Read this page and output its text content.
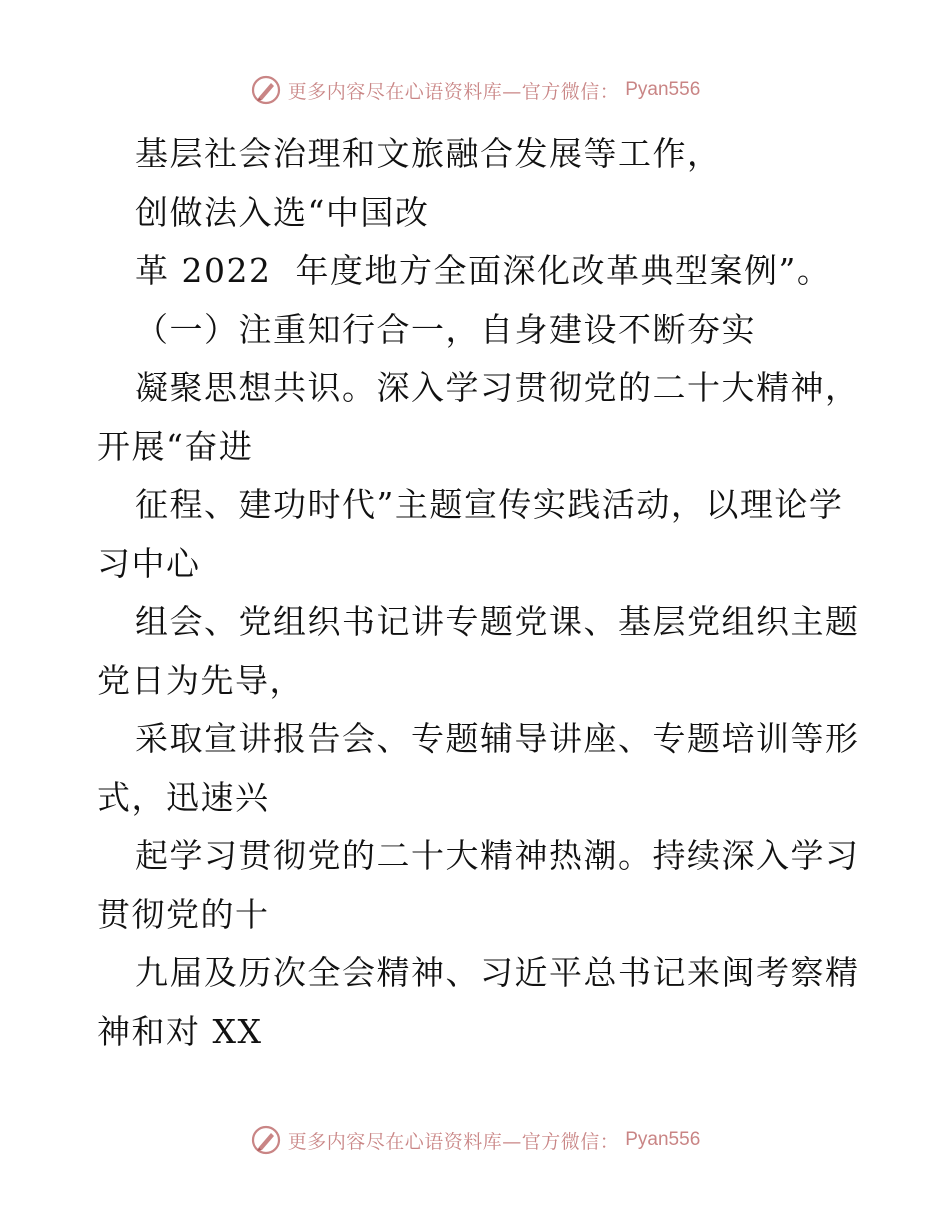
更多内容尽在心语资料库—官方微信： Pyan556
基层社会治理和文旅融合发展等工作，
创做法入选“中国改
革 2022  年度地方全面深化改革典型案例”。
（一）注重知行合一，自身建设不断夯实
凝聚思想共识。深入学习贯彻党的二十大精神，
开展“奋进
征程、建功时代”主题宣传实践活动，以理论学
习中心
组会、党组织书记讲专题党课、基层党组织主题
党日为先导，
采取宣讲报告会、专题辅导讲座、专题培训等形
式，迅速兴
起学习贯彻党的二十大精神热潮。持续深入学习
贯彻党的十
九届及历次全会精神、习近平总书记来闽考察精
神和对 XX
更多内容尽在心语资料库—官方微信： Pyan556
